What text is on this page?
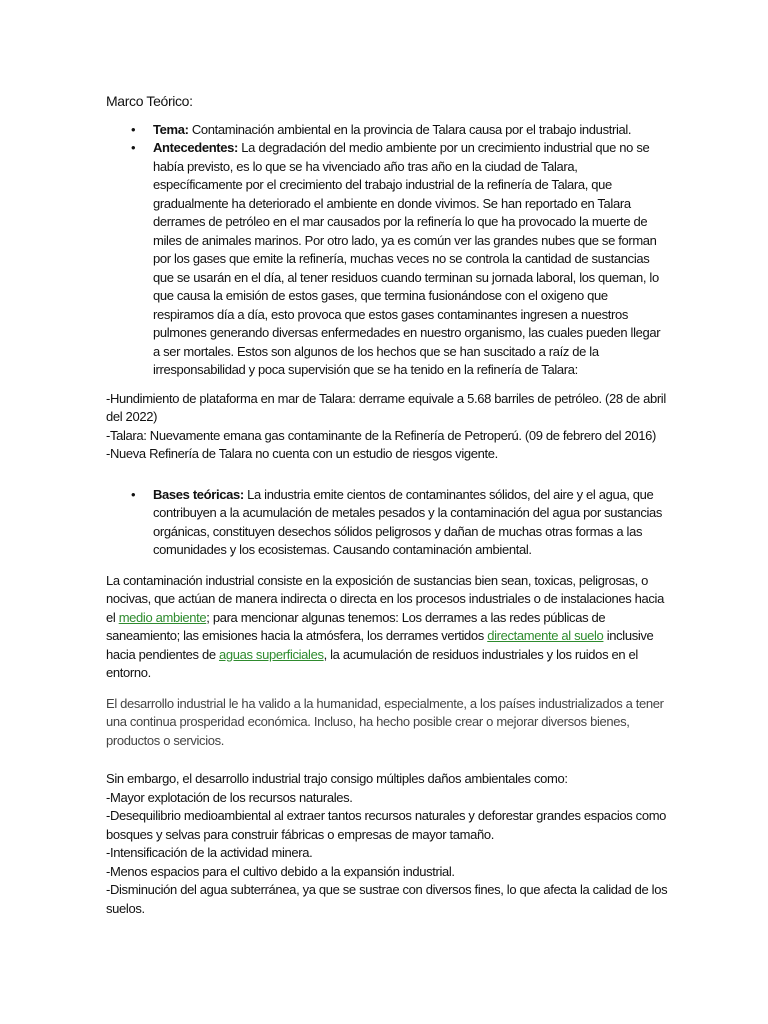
Marco Teórico:

• Tema: Contaminación ambiental en la provincia de Talara causa por el trabajo industrial.
• Antecedentes: La degradación del medio ambiente por un crecimiento industrial que no se había previsto, es lo que se ha vivenciado año tras año en la ciudad de Talara, específicamente por el crecimiento del trabajo industrial de la refinería de Talara, que gradualmente ha deteriorado el ambiente en donde vivimos. Se han reportado en Talara derrames de petróleo en el mar causados por la refinería lo que ha provocado la muerte de miles de animales marinos. Por otro lado, ya es común ver las grandes nubes que se forman por los gases que emite la refinería, muchas veces no se controla la cantidad de sustancias que se usarán en el día, al tener residuos cuando terminan su jornada laboral, los queman, lo que causa la emisión de estos gases, que termina fusionándose con el oxigeno que respiramos día a día, esto provoca que estos gases contaminantes ingresen a nuestros pulmones generando diversas enfermedades en nuestro organismo, las cuales pueden llegar a ser mortales. Estos son algunos de los hechos que se han suscitado a raíz de la irresponsabilidad y poca supervisión que se ha tenido en la refinería de Talara:
-Hundimiento de plataforma en mar de Talara: derrame equivale a 5.68 barriles de petróleo. (28 de abril del 2022)
-Talara: Nuevamente emana gas contaminante de la Refinería de Petroperú. (09 de febrero del 2016)
-Nueva Refinería de Talara no cuenta con un estudio de riesgos vigente.
• Bases teóricas: La industria emite cientos de contaminantes sólidos, del aire y el agua, que contribuyen a la acumulación de metales pesados y la contaminación del agua por sustancias orgánicas, constituyen desechos sólidos peligrosos y dañan de muchas otras formas a las comunidades y los ecosistemas. Causando contaminación ambiental.

La contaminación industrial consiste en la exposición de sustancias bien sean, toxicas, peligrosas, o nocivas, que actúan de manera indirecta o directa en los procesos industriales o de instalaciones hacia el medio ambiente; para mencionar algunas tenemos: Los derrames a las redes públicas de saneamiento; las emisiones hacia la atmósfera, los derrames vertidos directamente al suelo inclusive hacia pendientes de aguas superficiales, la acumulación de residuos industriales y los ruidos en el entorno.

El desarrollo industrial le ha valido a la humanidad, especialmente, a los países industrializados a tener una continua prosperidad económica. Incluso, ha hecho posible crear o mejorar diversos bienes, productos o servicios.

Sin embargo, el desarrollo industrial trajo consigo múltiples daños ambientales como:
-Mayor explotación de los recursos naturales.
-Desequilibrio medioambiental al extraer tantos recursos naturales y deforestar grandes espacios como bosques y selvas para construir fábricas o empresas de mayor tamaño.
-Intensificación de la actividad minera.
-Menos espacios para el cultivo debido a la expansión industrial.
-Disminución del agua subterránea, ya que se sustrae con diversos fines, lo que afecta la calidad de los suelos.
